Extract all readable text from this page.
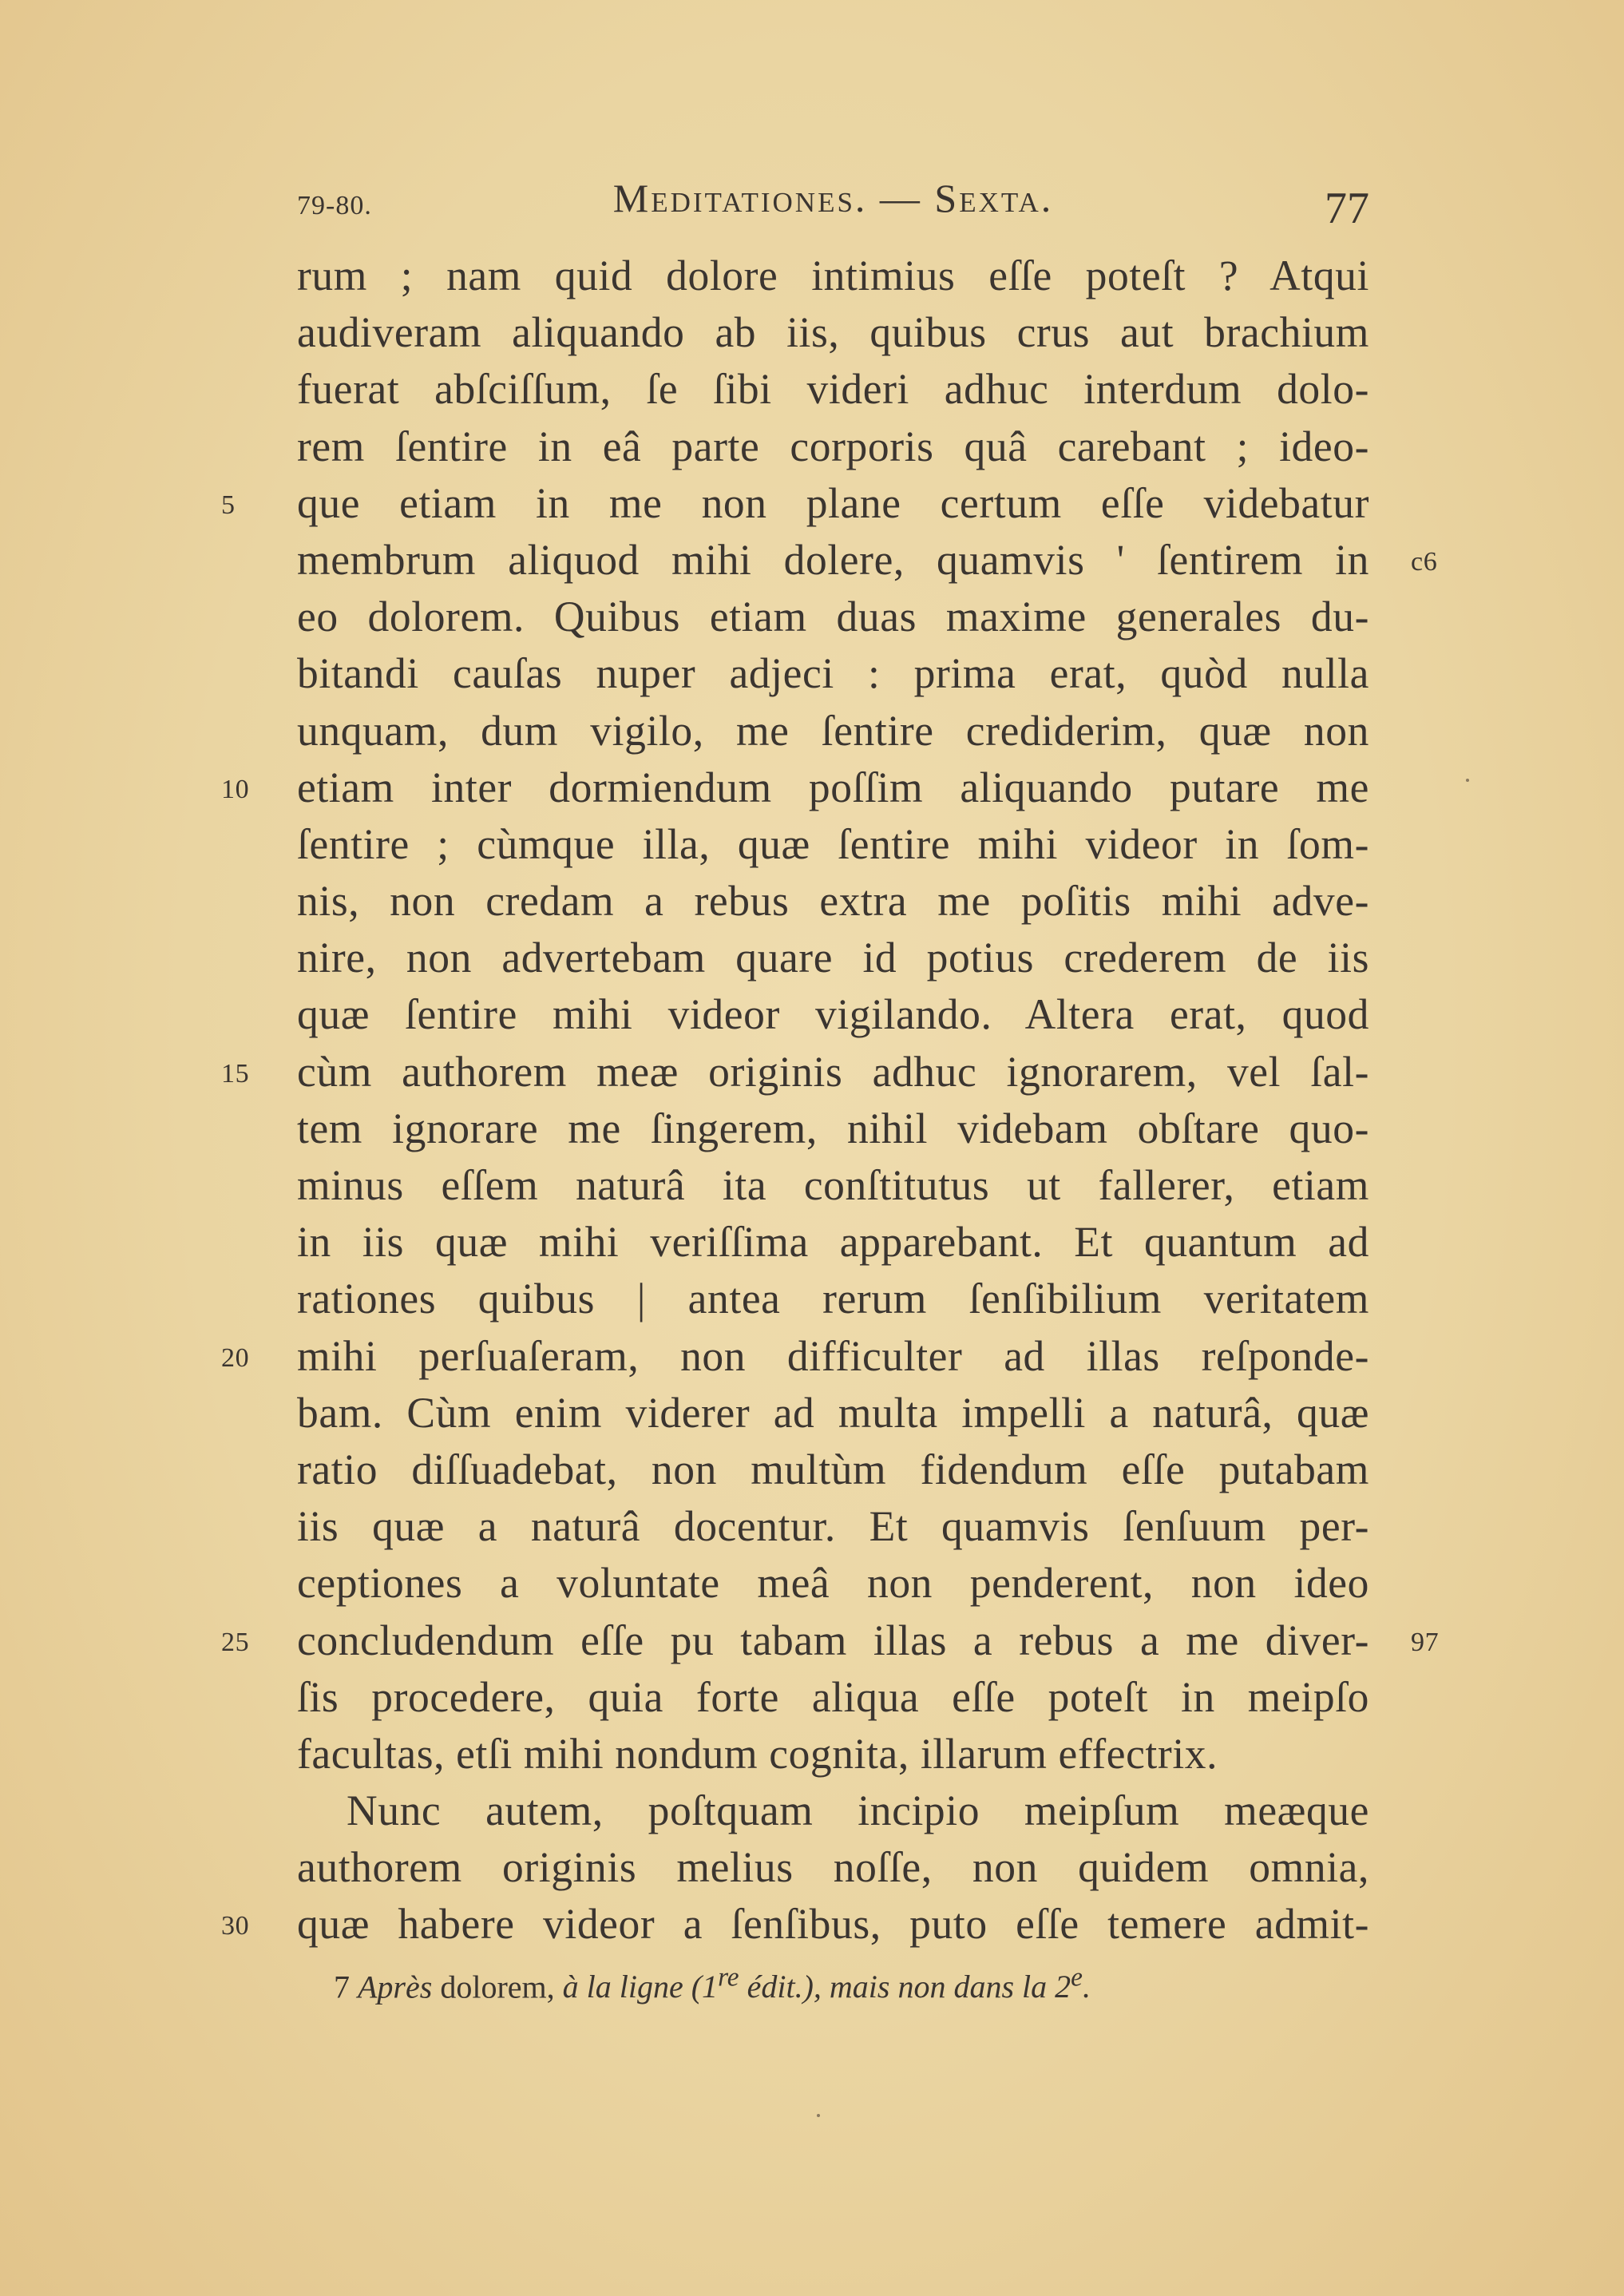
79-80.	Meditationes. — Sexta.	77
rum ; nam quid dolore intimius eſſe poteſt ? Atqui
audiveram aliquando ab iis, quibus crus aut brachium
fuerat abſciſſum, ſe ſibi videri adhuc interdum dolo-
rem ſentire in eâ parte corporis quâ carebant ; ideo-
que etiam in me non plane certum eſſe videbatur
5
membrum aliquod mihi dolere, quamvis ' ſentirem in c6
eo dolorem. Quibus etiam duas maxime generales du-
bitandi cauſas nuper adjeci : prima erat, quòd nulla
unquam, dum vigilo, me ſentire crediderim, quæ non
etiam inter dormiendum poſſim aliquando putare me
10
ſentire ; cùmque illa, quæ ſentire mihi videor in ſom-
nis, non credam a rebus extra me poſitis mihi adve-
nire, non advertebam quare id potius crederem de iis
quæ ſentire mihi videor vigilando. Altera erat, quod
cùm authorem meæ originis adhuc ignorarem, vel ſal-
15
tem ignorare me ſingerem, nihil videbam obſtare quo-
minus eſſem naturâ ita conſtitutus ut fallerer, etiam
in iis quæ mihi veriſſima apparebant. Et quantum ad
rationes quibus | antea rerum ſenſibilium veritatem
mihi perſuaſeram, non difficulter ad illas reſponde-
20
bam. Cùm enim viderer ad multa impelli a naturâ, quæ
ratio diſſuadebat, non multùm fidendum eſſe putabam
iis quæ a naturâ docentur. Et quamvis ſenſuum per-
ceptiones a voluntate meâ non penderent, non ideo
concludendum eſſe pu tabam illas a rebus a me diver-
25	97
ſis procedere, quia forte aliqua eſſe poteſt in meipſo
facultas, etſi mihi nondum cognita, illarum effectrix.
Nunc autem, poſtquam incipio meipſum meæque
authorem originis melius noſſe, non quidem omnia,
quæ habere videor a ſenſibus, puto eſſe temere admit-
30
7 Après dolorem, à la ligne (1re édit.), mais non dans la 2e.
